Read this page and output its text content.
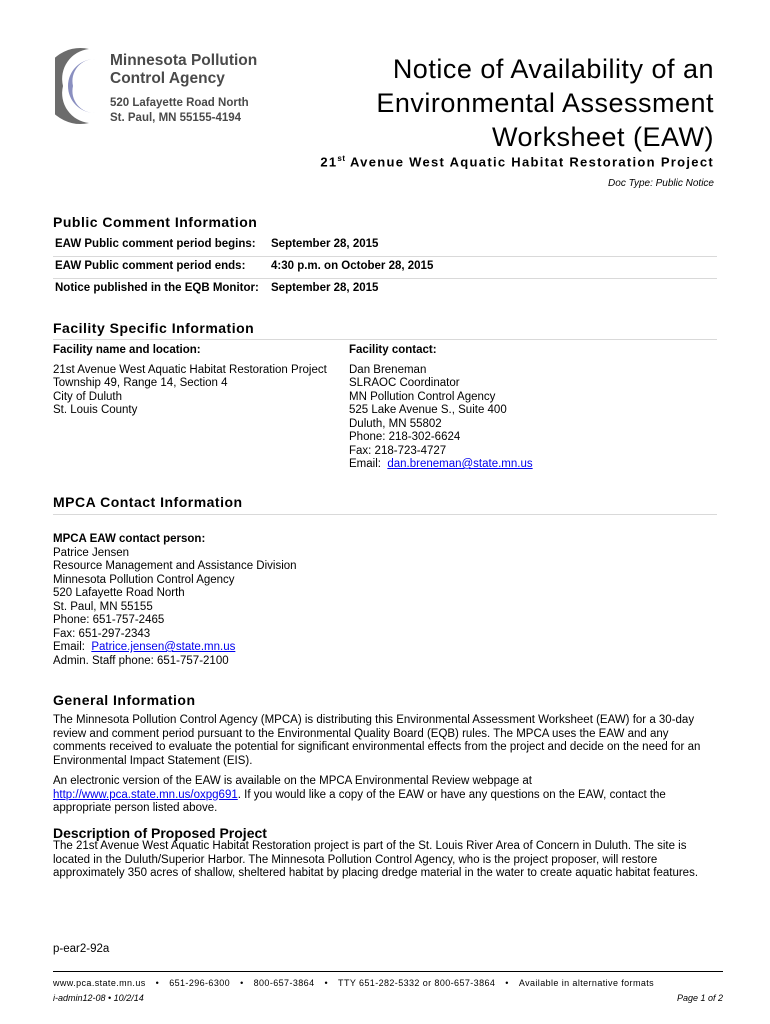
Minnesota Pollution
Control Agency
520 Lafayette Road North
St. Paul, MN 55155-4194
Notice of Availability of an
Environmental Assessment
Worksheet (EAW)
21st Avenue West Aquatic Habitat Restoration Project
Doc Type: Public Notice
Public Comment Information
EAW Public comment period begins:	September 28, 2015
EAW Public comment period ends:	4:30 p.m. on October 28, 2015
Notice published in the EQB Monitor:	September 28, 2015
Facility Specific Information
Facility name and location:
21st Avenue West Aquatic Habitat Restoration Project
Township 49, Range 14, Section 4
City of Duluth
St. Louis County
Facility contact:
Dan Breneman
SLRAOC Coordinator
MN Pollution Control Agency
525 Lake Avenue S., Suite 400
Duluth, MN 55802
Phone: 218-302-6624
Fax: 218-723-4727
Email:  dan.breneman@state.mn.us
MPCA Contact Information
MPCA EAW contact person:
Patrice Jensen
Resource Management and Assistance Division
Minnesota Pollution Control Agency
520 Lafayette Road North
St. Paul, MN 55155
Phone: 651-757-2465
Fax: 651-297-2343
Email:  Patrice.jensen@state.mn.us
Admin. Staff phone: 651-757-2100
General Information
The Minnesota Pollution Control Agency (MPCA) is distributing this Environmental Assessment Worksheet (EAW) for a 30-day review and comment period pursuant to the Environmental Quality Board (EQB) rules. The MPCA uses the EAW and any comments received to evaluate the potential for significant environmental effects from the project and decide on the need for an Environmental Impact Statement (EIS).
An electronic version of the EAW is available on the MPCA Environmental Review webpage at http://www.pca.state.mn.us/oxpg691. If you would like a copy of the EAW or have any questions on the EAW, contact the appropriate person listed above.
Description of Proposed Project
The 21st Avenue West Aquatic Habitat Restoration project is part of the St. Louis River Area of Concern in Duluth. The site is located in the Duluth/Superior Harbor. The Minnesota Pollution Control Agency, who is the project proposer, will restore approximately 350 acres of shallow, sheltered habitat by placing dredge material in the water to create aquatic habitat features.
p-ear2-92a
www.pca.state.mn.us • 651-296-6300 • 800-657-3864 • TTY 651-282-5332 or 800-657-3864 • Available in alternative formats
i-admin12-08 • 10/2/14	Page 1 of 2
